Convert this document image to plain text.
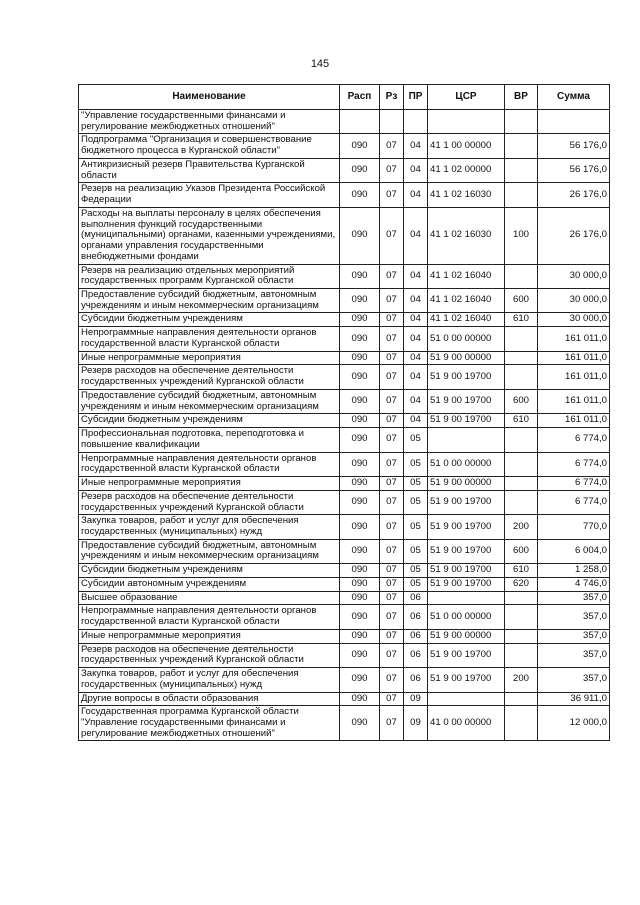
145
Наименование	Расп	Рз	ПР	ЦСР	ВР	Сумма
"Управление государственными финансами и регулирование межбюджетных отношений"						
Подпрограмма "Организация и совершенствование бюджетного процесса в Курганской области"	090	07	04	41 1 00 00000		56 176,0
Антикризисный резерв Правительства Курганской области	090	07	04	41 1 02 00000		56 176,0
Резерв на реализацию Указов Президента Российской Федерации	090	07	04	41 1 02 16030		26 176,0
Расходы на выплаты персоналу в целях обеспечения выполнения функций государственными (муниципальными) органами, казенными учреждениями, органами управления государственными внебюджетными фондами	090	07	04	41 1 02 16030	100	26 176,0
Резерв на реализацию отдельных мероприятий государственных программ Курганской области	090	07	04	41 1 02 16040		30 000,0
Предоставление субсидий бюджетным, автономным учреждениям и иным некоммерческим организациям	090	07	04	41 1 02 16040	600	30 000,0
Субсидии бюджетным учреждениям	090	07	04	41 1 02 16040	610	30 000,0
Непрограммные направления деятельности органов государственной власти Курганской области	090	07	04	51 0 00 00000		161 011,0
Иные непрограммные мероприятия	090	07	04	51 9 00 00000		161 011,0
Резерв расходов на обеспечение деятельности государственных учреждений Курганской области	090	07	04	51 9 00 19700		161 011,0
Предоставление субсидий бюджетным, автономным учреждениям и иным некоммерческим организациям	090	07	04	51 9 00 19700	600	161 011,0
Субсидии бюджетным учреждениям	090	07	04	51 9 00 19700	610	161 011,0
Профессиональная подготовка, переподготовка и повышение квалификации	090	07	05			6 774,0
Непрограммные направления деятельности органов государственной власти Курганской области	090	07	05	51 0 00 00000		6 774,0
Иные непрограммные мероприятия	090	07	05	51 9 00 00000		6 774,0
Резерв расходов на обеспечение деятельности государственных учреждений Курганской области	090	07	05	51 9 00 19700		6 774,0
Закупка товаров, работ и услуг для обеспечения государственных (муниципальных) нужд	090	07	05	51 9 00 19700	200	770,0
Предоставление субсидий бюджетным, автономным учреждениям и иным некоммерческим организациям	090	07	05	51 9 00 19700	600	6 004,0
Субсидии бюджетным учреждениям	090	07	05	51 9 00 19700	610	1 258,0
Субсидии автономным учреждениям	090	07	05	51 9 00 19700	620	4 746,0
Высшее образование	090	07	06			357,0
Непрограммные направления деятельности органов государственной власти Курганской области	090	07	06	51 0 00 00000		357,0
Иные непрограммные мероприятия	090	07	06	51 9 00 00000		357,0
Резерв расходов на обеспечение деятельности государственных учреждений Курганской области	090	07	06	51 9 00 19700		357,0
Закупка товаров, работ и услуг для обеспечения государственных (муниципальных) нужд	090	07	06	51 9 00 19700	200	357,0
Другие вопросы в области образования	090	07	09			36 911,0
Государственная программа Курганской области "Управление государственными финансами и регулирование межбюджетных отношений"	090	07	09	41 0 00 00000		12 000,0
